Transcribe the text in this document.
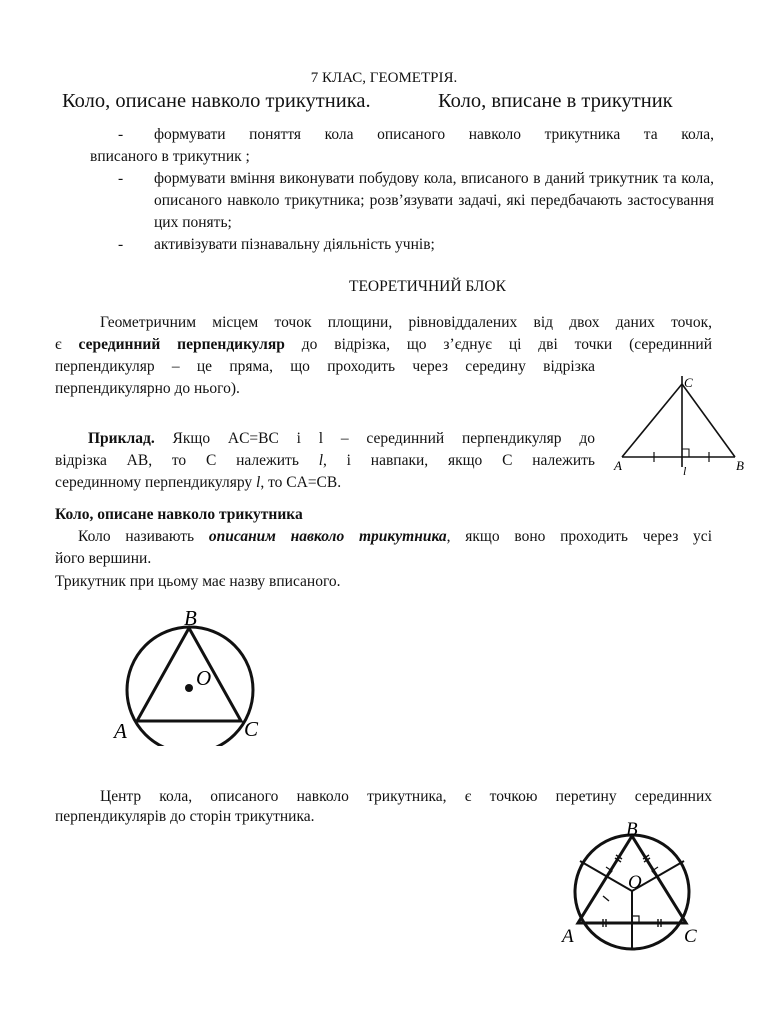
7 КЛАС, ГЕОМЕТРІЯ.
Коло, описане навколо трикутника.	Коло, вписане в трикутник
-	формувати поняття кола описаного навколо трикутника та кола,
вписаного в трикутник ;
-	формувати вміння виконувати побудову кола, вписаного в даний трикутник та кола, описаного навколо трикутника; розв’язувати задачі, які передбачають застосування цих понять;
-	активізувати пізнавальну діяльність учнів;
ТЕОРЕТИЧНИЙ БЛОК
Геометричним місцем точок площини, рівновіддалених від двох даних точок,
є серединний перпендикуляр до відрізка, що з’єднує ці дві точки (серединний
перпендикуляр – це пряма, що проходить через середину відрізка
перпендикулярно до нього).
Приклад. Якщо AC=BC і l – серединний перпендикуляр до
відрізка AB, то C належить l, і навпаки, якщо C належить
серединному перпендикуляру l, то CA=CB.
C
A	B
l
Коло, описане навколо трикутника
Коло називають описаним навколо трикутника, якщо воно проходить через усі
його вершини.
Трикутник при цьому має назву вписаного.
B
O
A	C
Центр кола, описаного навколо трикутника, є точкою перетину серединних
перпендикулярів до сторін трикутника.
B
O
A	C
